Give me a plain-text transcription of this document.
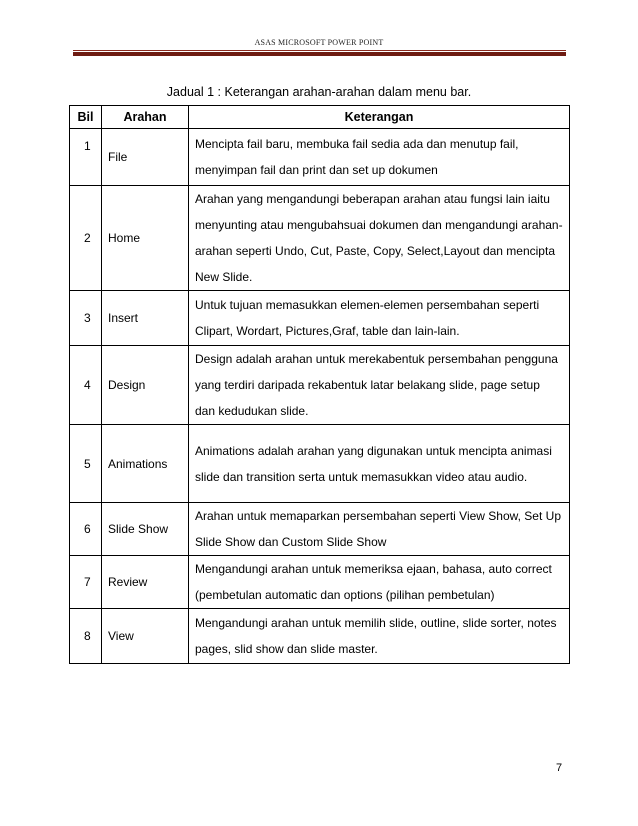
ASAS MICROSOFT POWER POINT
Jadual 1 : Keterangan arahan-arahan dalam menu bar.
Bil	Arahan	Keterangan
1	File	Mencipta fail baru, membuka fail sedia ada dan menutup fail, menyimpan fail dan print dan set up dokumen
2	Home	Arahan yang mengandungi beberapan arahan atau fungsi lain iaitu menyunting atau mengubahsuai dokumen dan mengandungi arahan-arahan seperti Undo, Cut, Paste, Copy, Select,Layout dan mencipta New Slide.
3	Insert	Untuk tujuan memasukkan elemen-elemen persembahan seperti Clipart, Wordart, Pictures,Graf, table dan lain-lain.
4	Design	Design adalah arahan untuk merekabentuk persembahan pengguna yang terdiri daripada rekabentuk latar belakang slide, page setup dan kedudukan slide.
5	Animations	Animations adalah arahan yang digunakan untuk mencipta animasi slide dan transition serta untuk memasukkan video atau audio.
6	Slide Show	Arahan untuk memaparkan persembahan seperti View Show, Set Up Slide Show dan Custom Slide Show
7	Review	Mengandungi arahan untuk memeriksa ejaan, bahasa, auto correct (pembetulan automatic dan options (pilihan pembetulan)
8	View	Mengandungi arahan untuk memilih slide, outline, slide sorter, notes pages, slid show dan slide master.
7
